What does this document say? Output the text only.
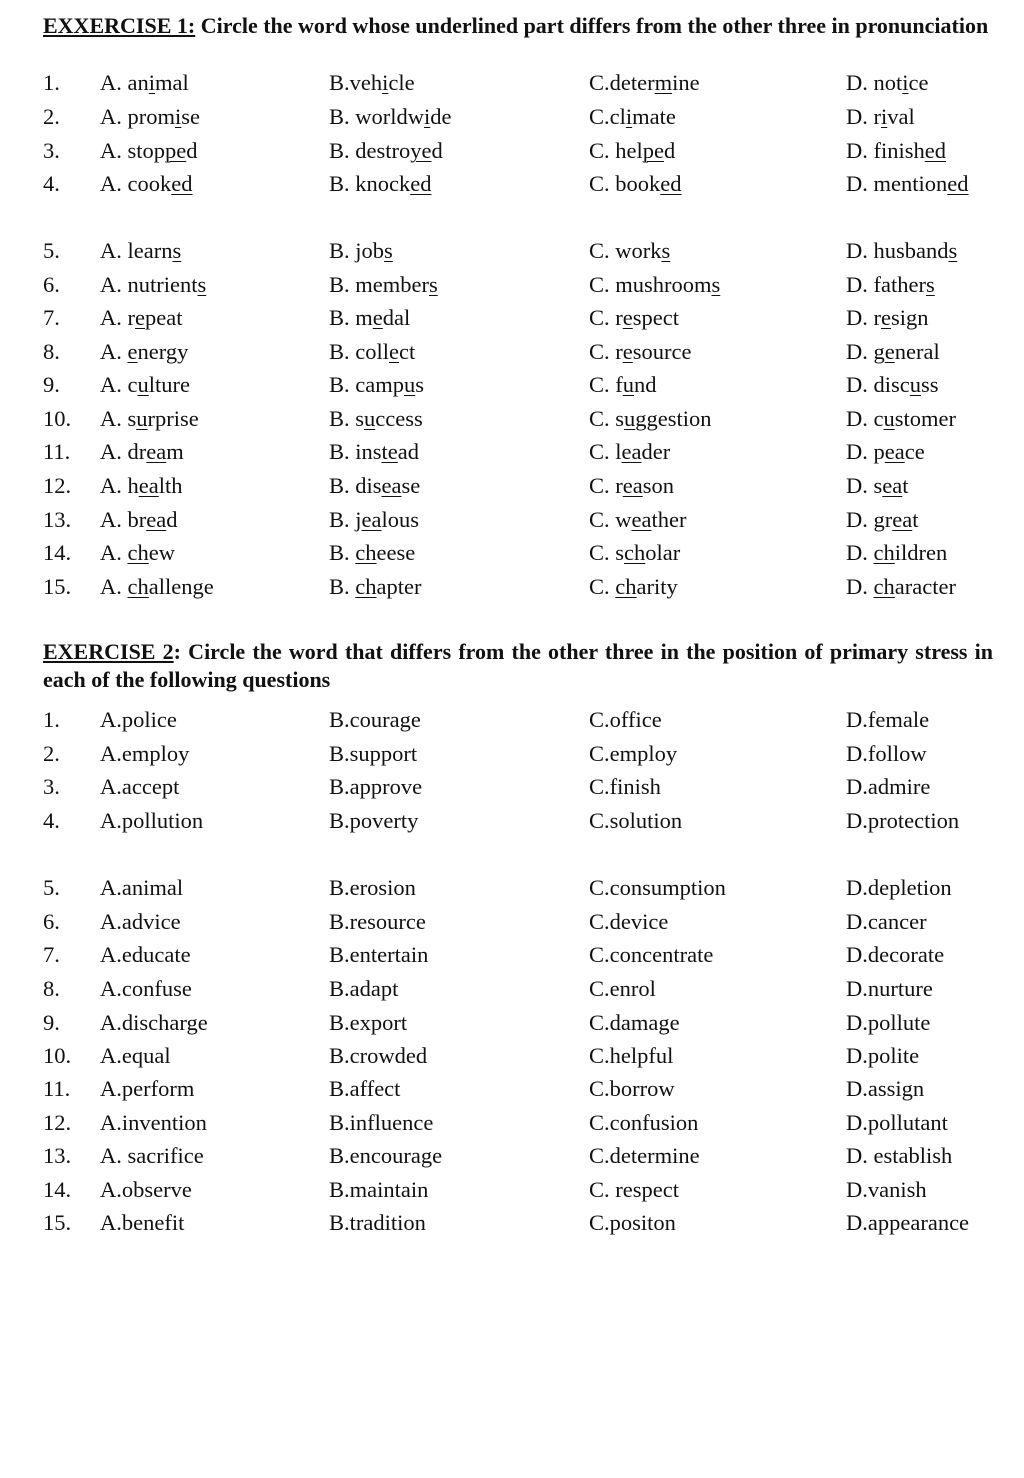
EXXERCISE 1: Circle the word whose underlined part differs from the other three in pronunciation
1. A. animal	B.vehicle	C.determine	D. notice
2. A. promise	B. worldwide	C.climate	D. rival
3. A. stopped	B. destroyed	C. helped	D. finished
4. A. cooked	B. knocked	C. booked	D. mentioned
5. A. learns	B. jobs	C. works	D. husbands
6. A. nutrients	B. members	C. mushrooms	D. fathers
7. A. repeat	B. medal	C. respect	D. resign
8. A. energy	B. collect	C. resource	D. general
9. A. culture	B. campus	C. fund	D. discuss
10. A. surprise	B. success	C. suggestion	D. customer
11. A. dream	B. instead	C. leader	D. peace
12. A. health	B. disease	C. reason	D. seat
13. A. bread	B. jealous	C. weather	D. great
14. A. chew	B. cheese	C. scholar	D. children
15. A. challenge	B. chapter	C. charity	D. character
EXERCISE 2: Circle the word that differs from the other three in the position of primary stress in each of the following questions
1. A.police	B.courage	C.office	D.female
2. A.employ	B.support	C.employ	D.follow
3. A.accept	B.approve	C.finish	D.admire
4. A.pollution	B.poverty	C.solution	D.protection
5. A.animal	B.erosion	C.consumption	D.depletion
6. A.advice	B.resource	C.device	D.cancer
7. A.educate	B.entertain	C.concentrate	D.decorate
8. A.confuse	B.adapt	C.enrol	D.nurture
9. A.discharge	B.export	C.damage	D.pollute
10. A.equal	B.crowded	C.helpful	D.polite
11. A.perform	B.affect	C.borrow	D.assign
12. A.invention	B.influence	C.confusion	D.pollutant
13. A. sacrifice	B.encourage	C.determine	D. establish
14. A.observe	B.maintain	C. respect	D.vanish
15. A.benefit	B.tradition	C.positon	D.appearance
